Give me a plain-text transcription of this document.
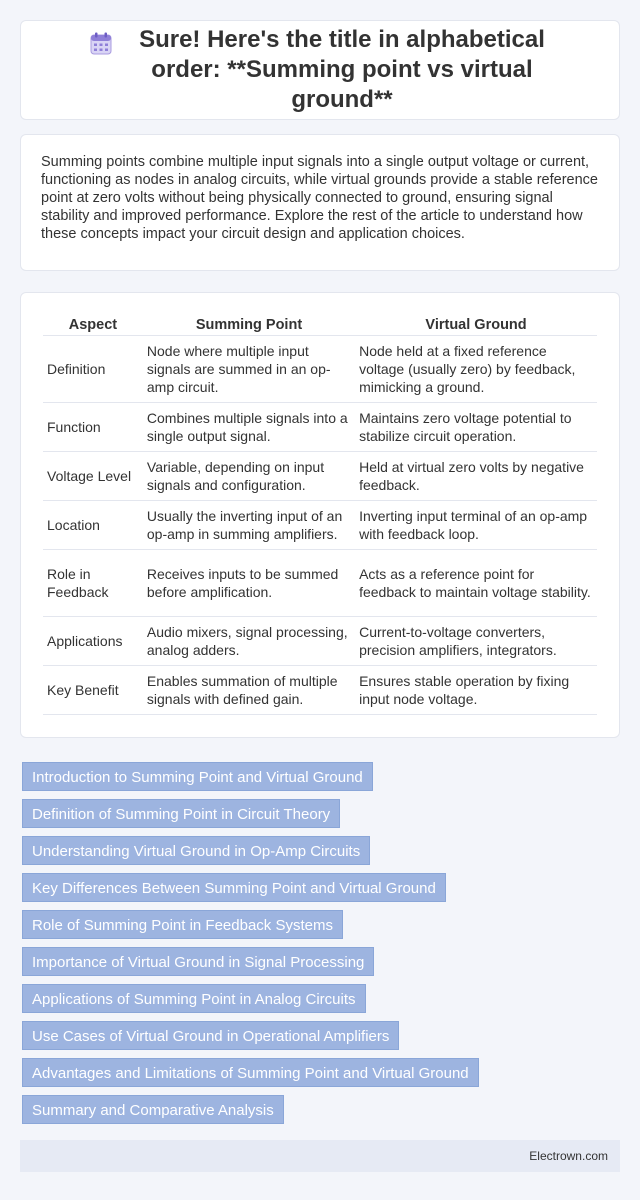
Sure! Here's the title in alphabetical order: **Summing point vs virtual ground**

Summing points combine multiple input signals into a single output voltage or current, functioning as nodes in analog circuits, while virtual grounds provide a stable reference point at zero volts without being physically connected to ground, ensuring signal stability and improved performance. Explore the rest of the article to understand how these concepts impact your circuit design and application choices.

Aspect	Summing Point	Virtual Ground
Definition	Node where multiple input signals are summed in an op-amp circuit.	Node held at a fixed reference voltage (usually zero) by feedback, mimicking a ground.
Function	Combines multiple signals into a single output signal.	Maintains zero voltage potential to stabilize circuit operation.
Voltage Level	Variable, depending on input signals and configuration.	Held at virtual zero volts by negative feedback.
Location	Usually the inverting input of an op-amp in summing amplifiers.	Inverting input terminal of an op-amp with feedback loop.
Role in Feedback	Receives inputs to be summed before amplification.	Acts as a reference point for feedback to maintain voltage stability.
Applications	Audio mixers, signal processing, analog adders.	Current-to-voltage converters, precision amplifiers, integrators.
Key Benefit	Enables summation of multiple signals with defined gain.	Ensures stable operation by fixing input node voltage.
Introduction to Summing Point and Virtual Ground
Definition of Summing Point in Circuit Theory
Understanding Virtual Ground in Op-Amp Circuits
Key Differences Between Summing Point and Virtual Ground
Role of Summing Point in Feedback Systems
Importance of Virtual Ground in Signal Processing
Applications of Summing Point in Analog Circuits
Use Cases of Virtual Ground in Operational Amplifiers
Advantages and Limitations of Summing Point and Virtual Ground
Summary and Comparative Analysis
Electrown.com
